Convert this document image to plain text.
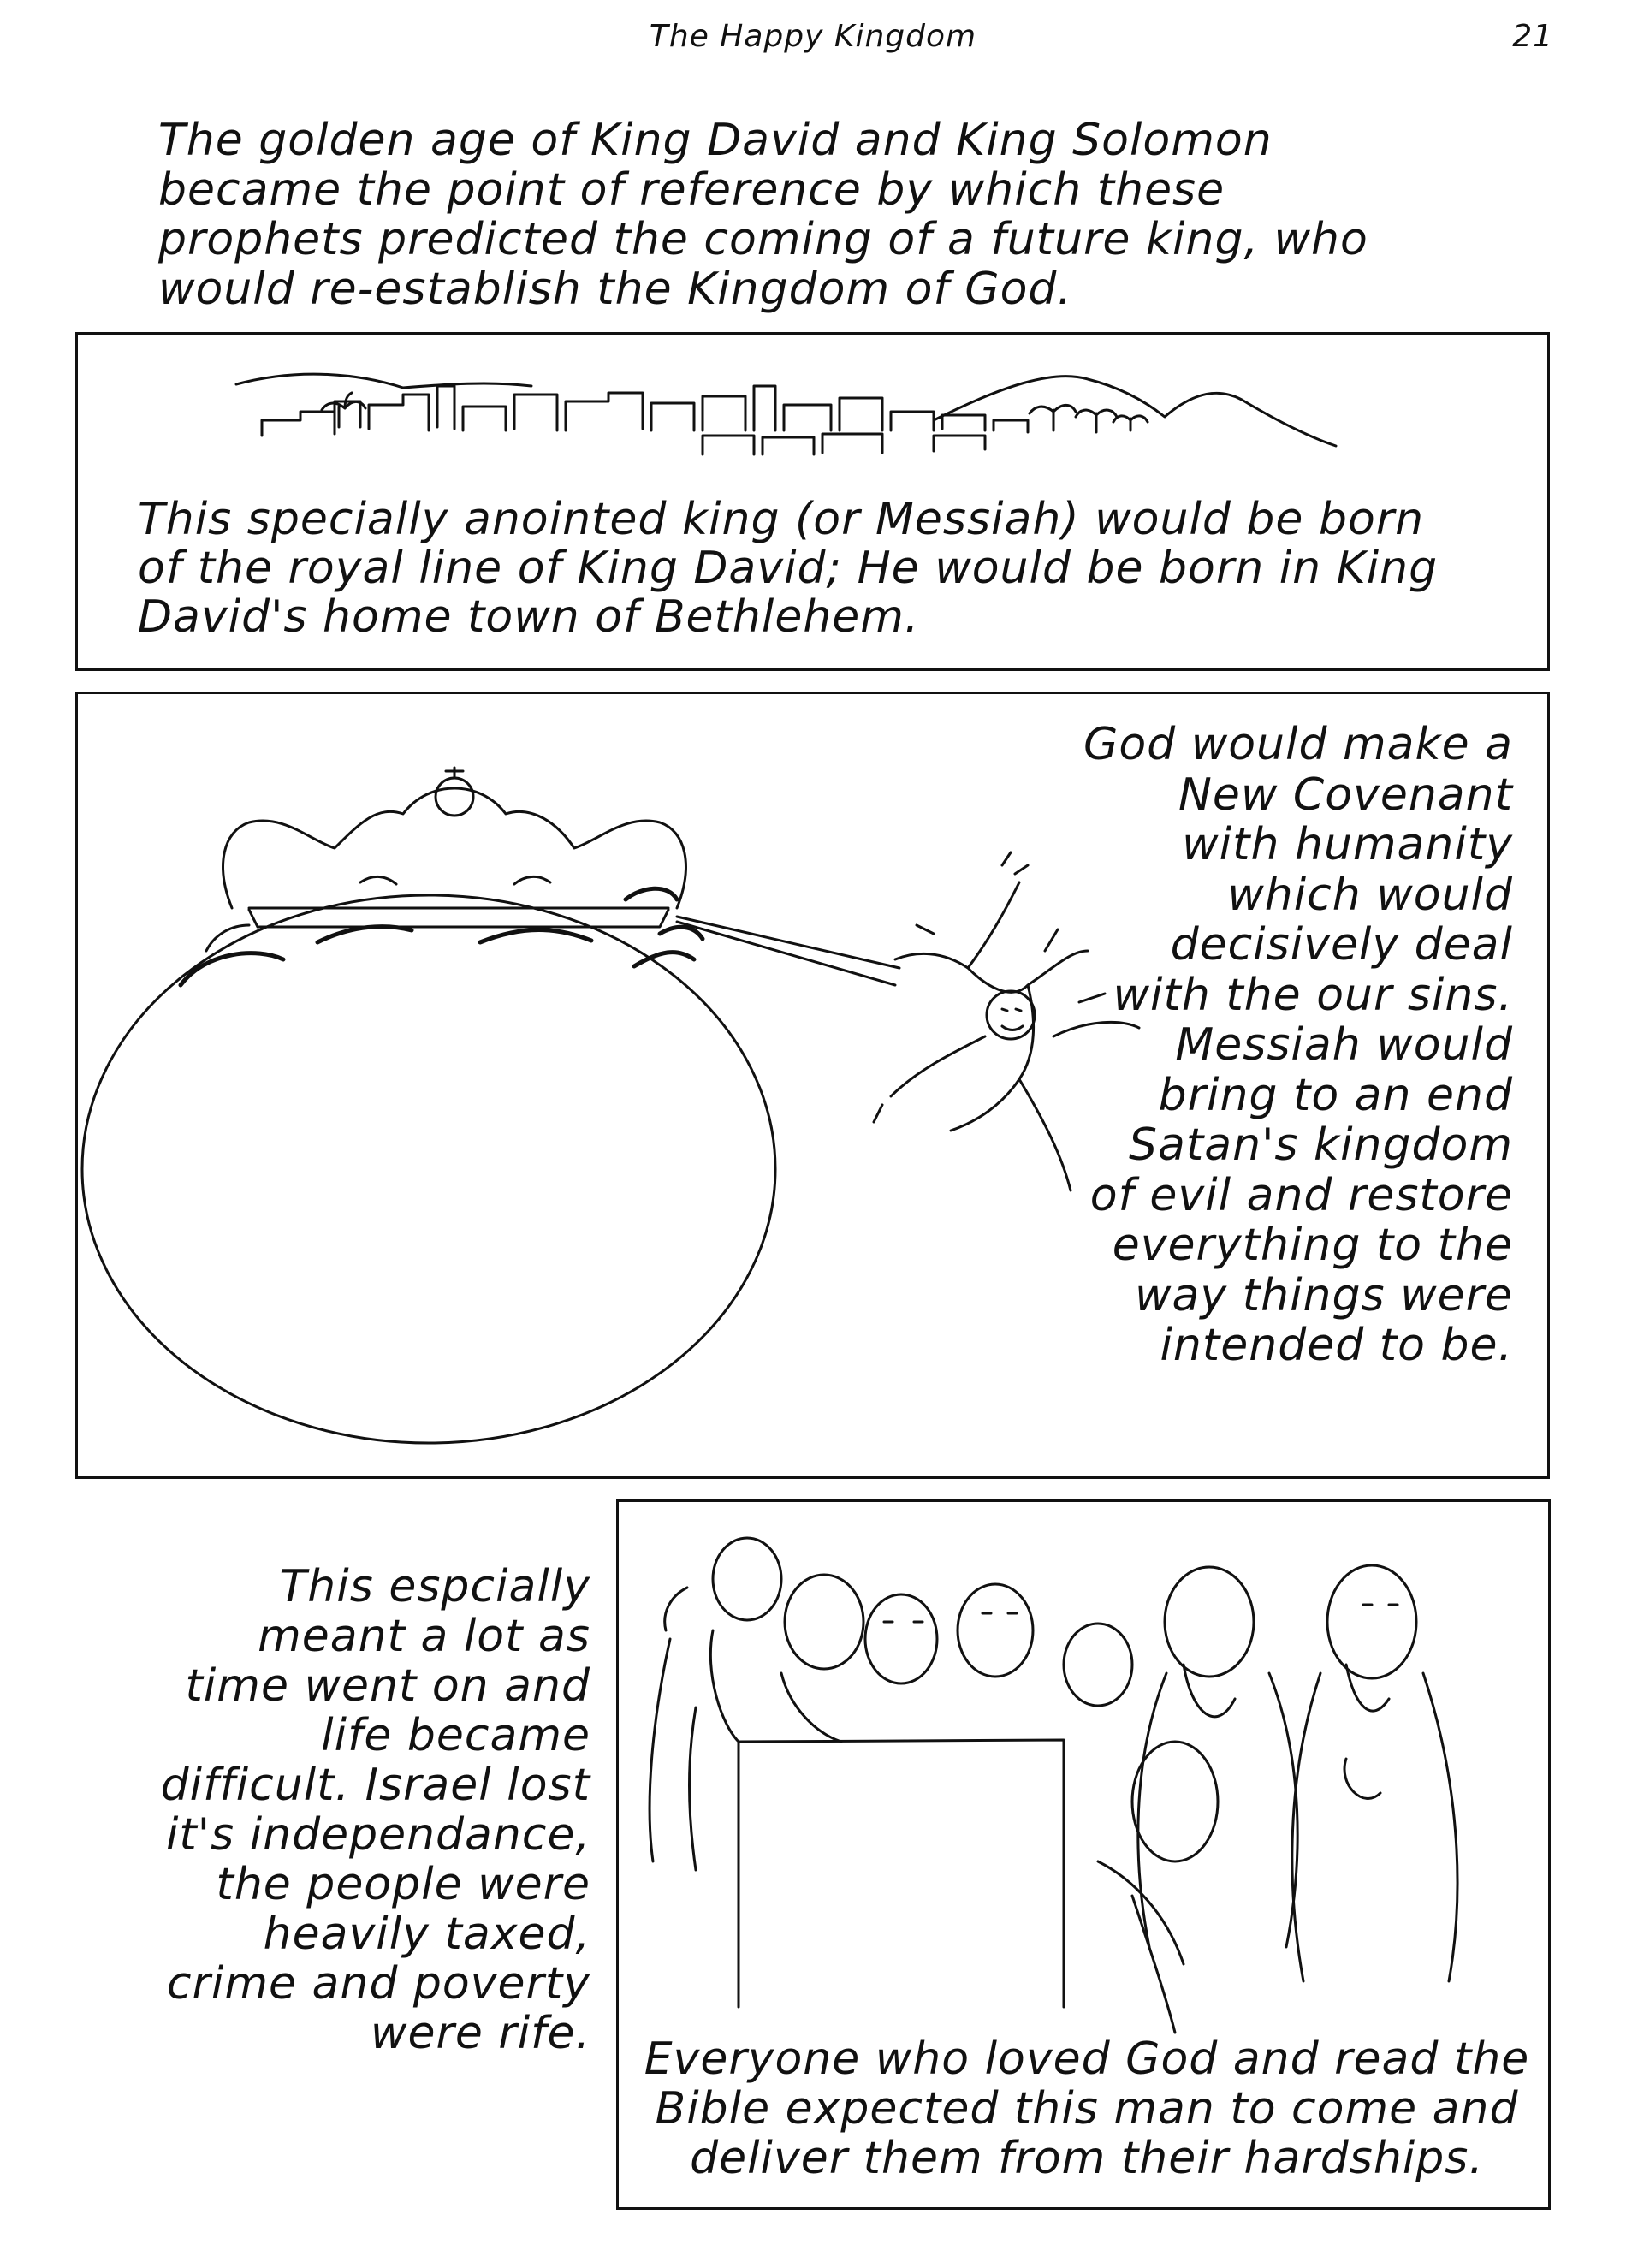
The Happy Kingdom	21
The golden age of King David and King Solomon
became the point of reference by which these
prophets predicted the coming of a future king, who
would re-establish the Kingdom of God.
This specially anointed king (or Messiah) would be born
of the royal line of King David; He would be born in King
David's home town of Bethlehem.
God would make a
New Covenant
with humanity
which would
decisively deal
with the our sins.
Messiah would
bring to an end
Satan's kingdom
of evil and restore
everything to the
way things were
intended to be.
This espcially
meant a lot as
time went on and
life became
difficult. Israel lost
it's independance,
the people were
heavily taxed,
crime and poverty
were rife.	Everyone who loved God and read the
Bible expected this man to come and
deliver them from their hardships.
